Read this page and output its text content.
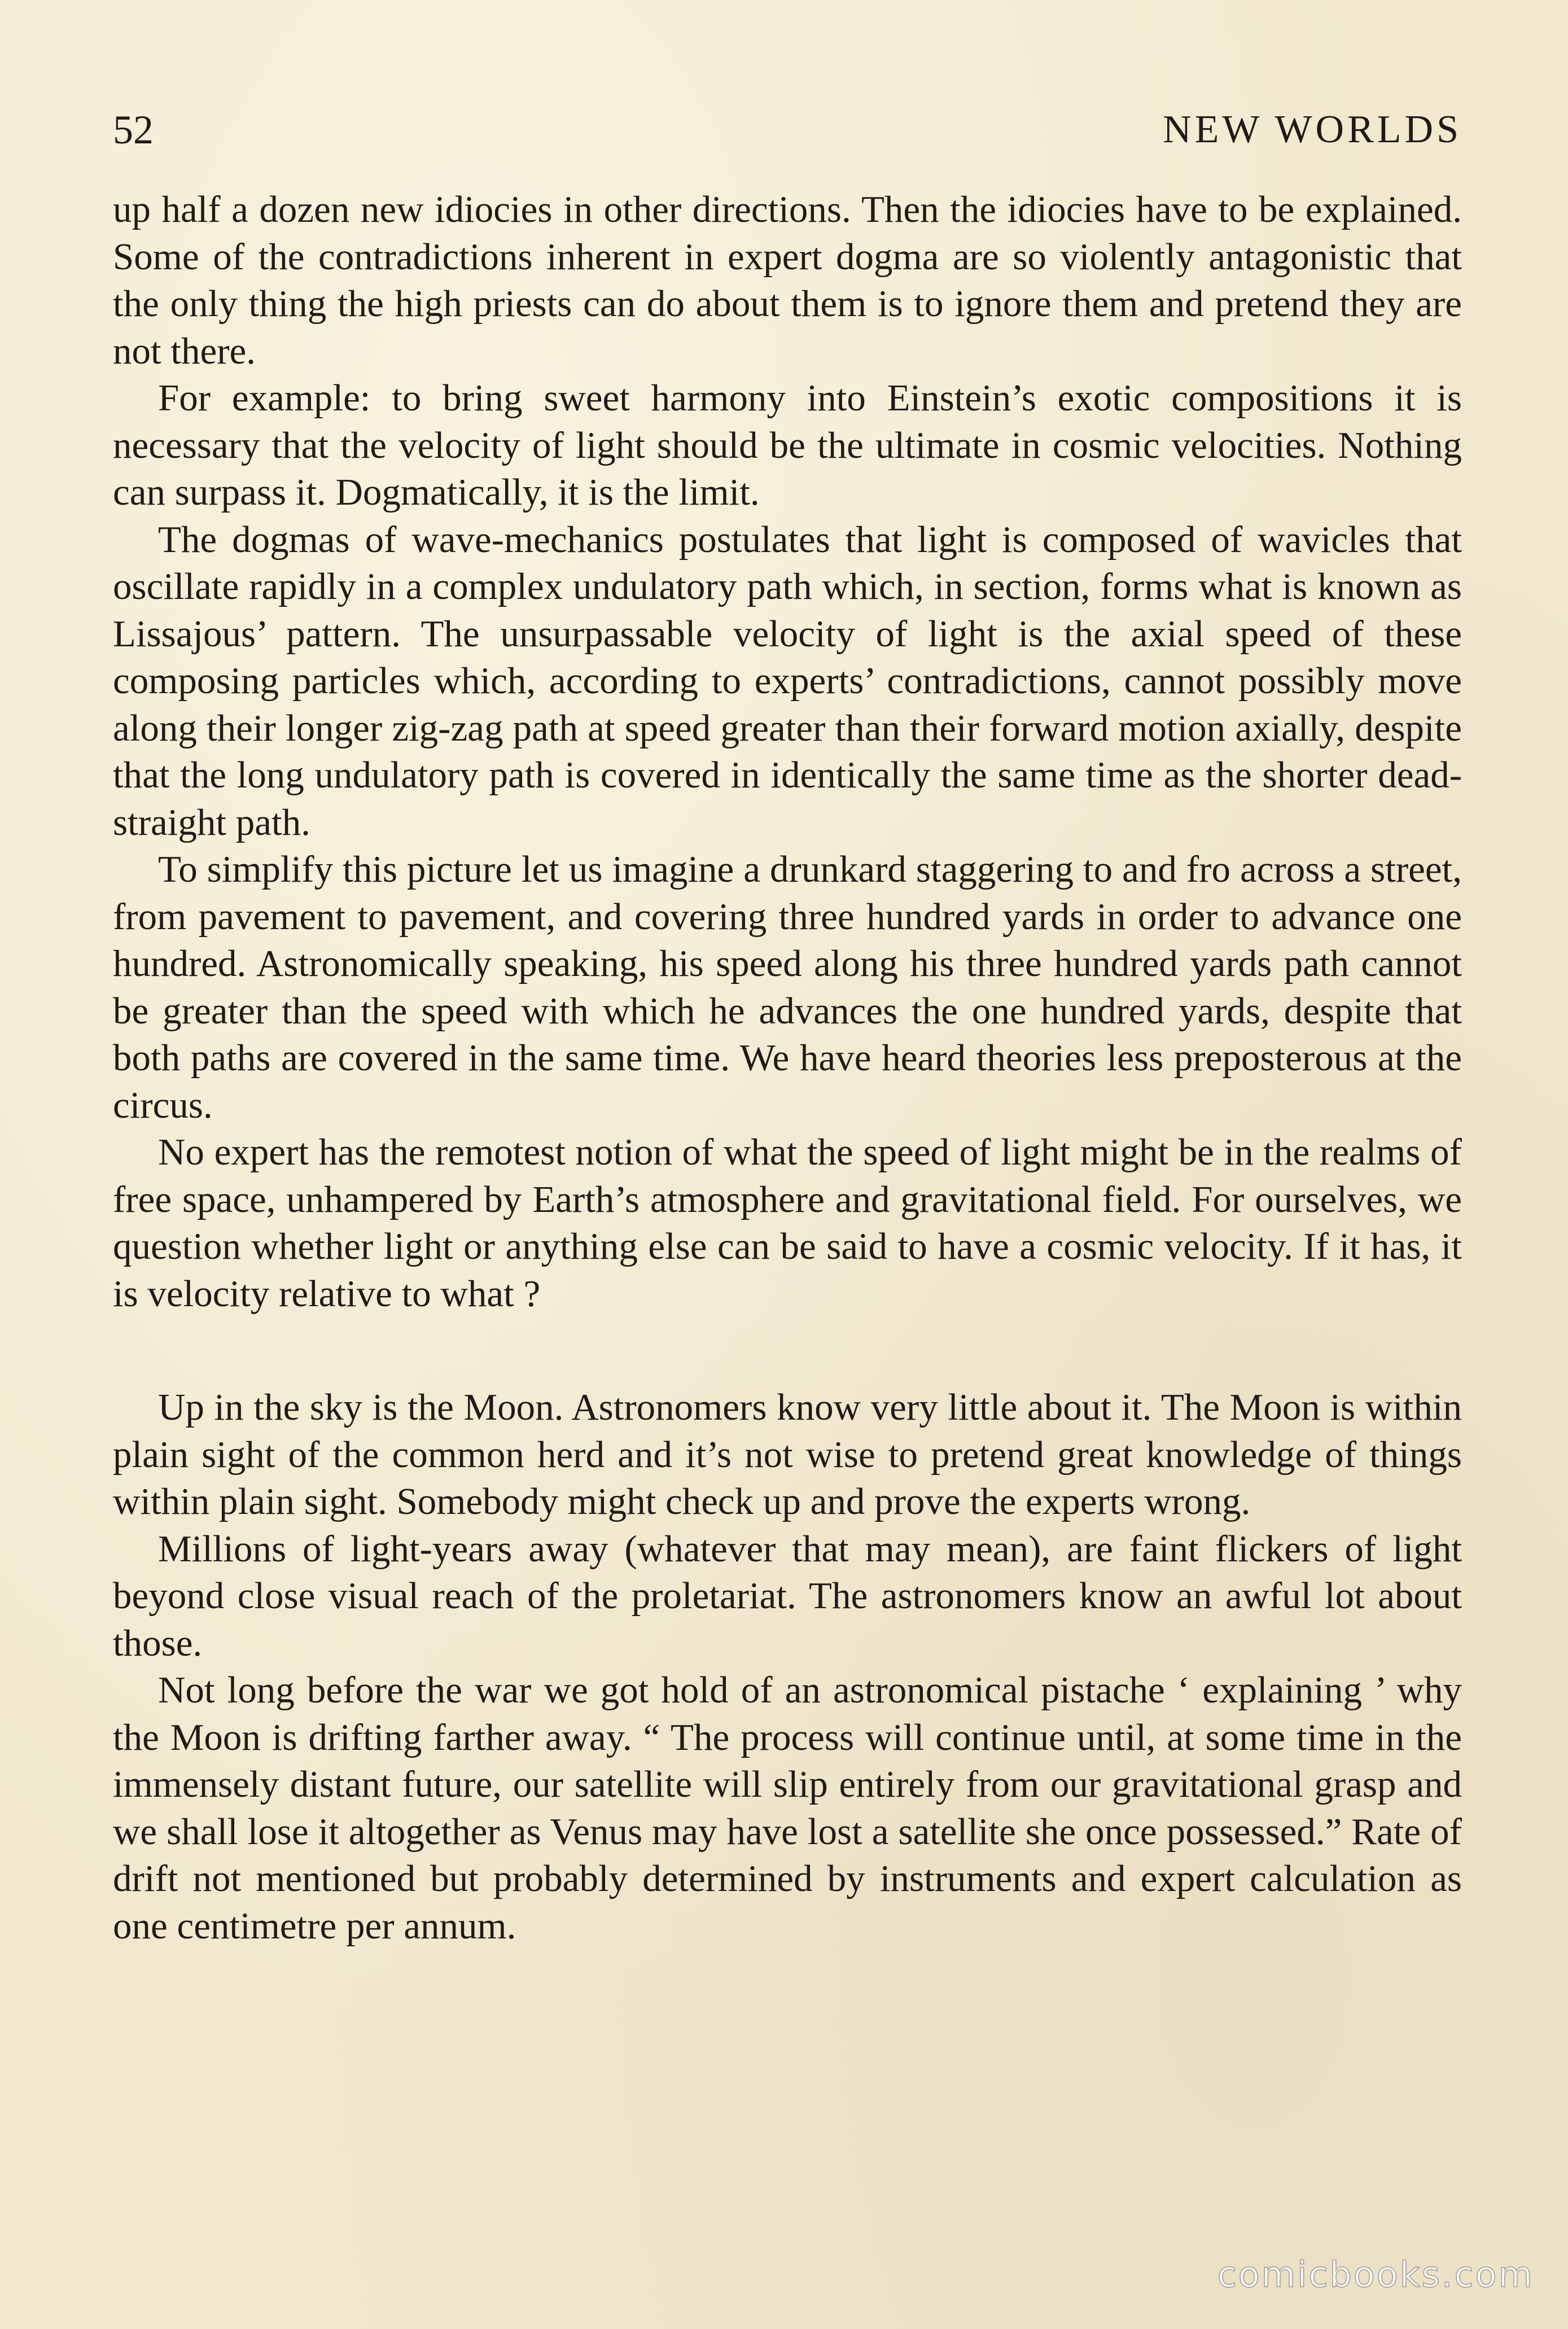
52	NEW WORLDS

up half a dozen new idiocies in other directions. Then the idiocies have to be explained. Some of the contradictions inherent in expert dogma are so violently antagonistic that the only thing the high priests can do about them is to ignore them and pretend they are not there.

For example: to bring sweet harmony into Einstein’s exotic compositions it is necessary that the velocity of light should be the ultimate in cosmic velocities. Nothing can surpass it. Dogmatically, it is the limit.

The dogmas of wave-mechanics postulates that light is composed of wavicles that oscillate rapidly in a complex undulatory path which, in section, forms what is known as Lissajous’ pattern. The unsurpassable velocity of light is the axial speed of these composing particles which, according to experts’ contradictions, cannot possibly move along their longer zig-zag path at speed greater than their forward motion axially, despite that the long undulatory path is covered in identically the same time as the shorter dead-straight path.

To simplify this picture let us imagine a drunkard staggering to and fro across a street, from pavement to pavement, and covering three hundred yards in order to advance one hundred. Astronomically speaking, his speed along his three hundred yards path cannot be greater than the speed with which he advances the one hundred yards, despite that both paths are covered in the same time. We have heard theories less preposterous at the circus.

No expert has the remotest notion of what the speed of light might be in the realms of free space, unhampered by Earth’s atmosphere and gravitational field. For ourselves, we question whether light or anything else can be said to have a cosmic velocity. If it has, it is velocity relative to what ?

Up in the sky is the Moon. Astronomers know very little about it. The Moon is within plain sight of the common herd and it’s not wise to pretend great knowledge of things within plain sight. Somebody might check up and prove the experts wrong.

Millions of light-years away (whatever that may mean), are faint flickers of light beyond close visual reach of the proletariat. The astronomers know an awful lot about those.

Not long before the war we got hold of an astronomical pistache ‘ explaining ’ why the Moon is drifting farther away. “ The process will continue until, at some time in the immensely distant future, our satellite will slip entirely from our gravitational grasp and we shall lose it altogether as Venus may have lost a satellite she once possessed.” Rate of drift not mentioned but probably determined by instruments and expert calculation as one centimetre per annum.

comicbooks.com
